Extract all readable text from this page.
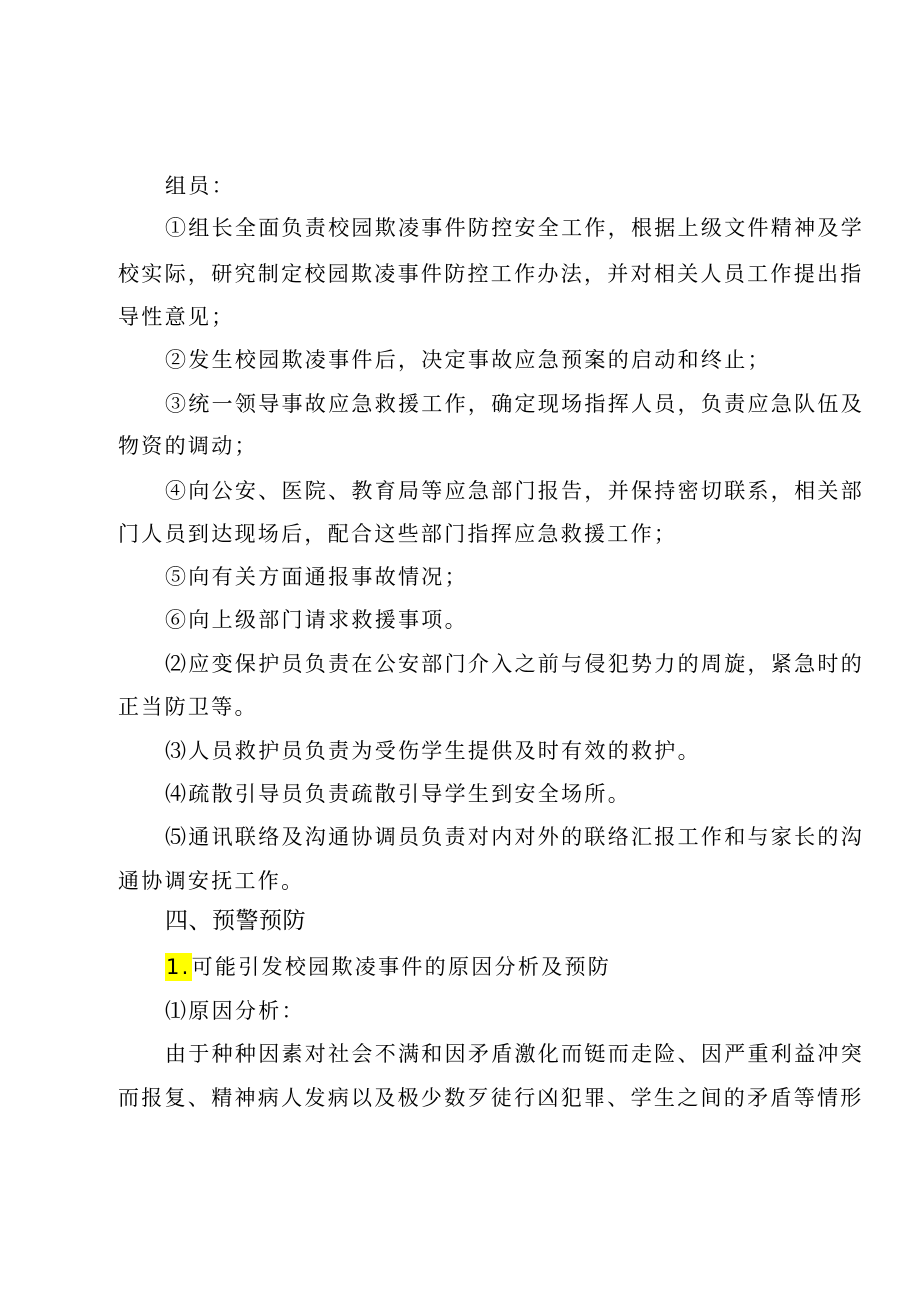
组员：
①组长全面负责校园欺凌事件防控安全工作，根据上级文件精神及学
校实际，研究制定校园欺凌事件防控工作办法，并对相关人员工作提出指
导性意见；
②发生校园欺凌事件后，决定事故应急预案的启动和终止；
③统一领导事故应急救援工作，确定现场指挥人员，负责应急队伍及
物资的调动；
④向公安、医院、教育局等应急部门报告，并保持密切联系，相关部
门人员到达现场后，配合这些部门指挥应急救援工作；
⑤向有关方面通报事故情况；
⑥向上级部门请求救援事项。
⑵应变保护员负责在公安部门介入之前与侵犯势力的周旋，紧急时的
正当防卫等。
⑶人员救护员负责为受伤学生提供及时有效的救护。
⑷疏散引导员负责疏散引导学生到安全场所。
⑸通讯联络及沟通协调员负责对内对外的联络汇报工作和与家长的沟
通协调安抚工作。
四、预警预防
1.可能引发校园欺凌事件的原因分析及预防
⑴原因分析：
由于种种因素对社会不满和因矛盾激化而铤而走险、因严重利益冲突
而报复、精神病人发病以及极少数歹徒行凶犯罪、学生之间的矛盾等情形
